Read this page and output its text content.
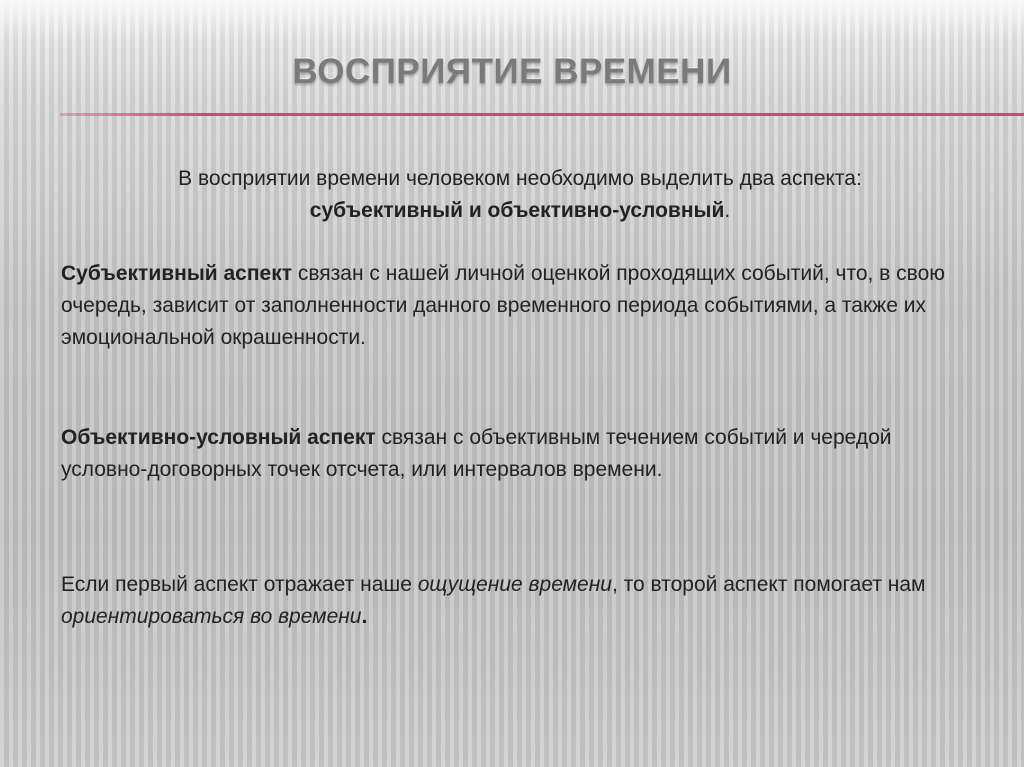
ВОСПРИЯТИЕ ВРЕМЕНИ
В восприятии времени человеком необходимо выделить два аспекта:
субъективный и объективно-условный.
Субъективный аспект связан с нашей личной оценкой проходящих событий, что, в свою очередь, зависит от заполненности данного временного периода событиями, а также их эмоциональной окрашенности.
Объективно-условный аспект связан с объективным течением событий и чередой условно-договорных точек отсчета, или интервалов времени.
Если первый аспект отражает наше ощущение времени, то второй аспект помогает нам ориентироваться во времени.
